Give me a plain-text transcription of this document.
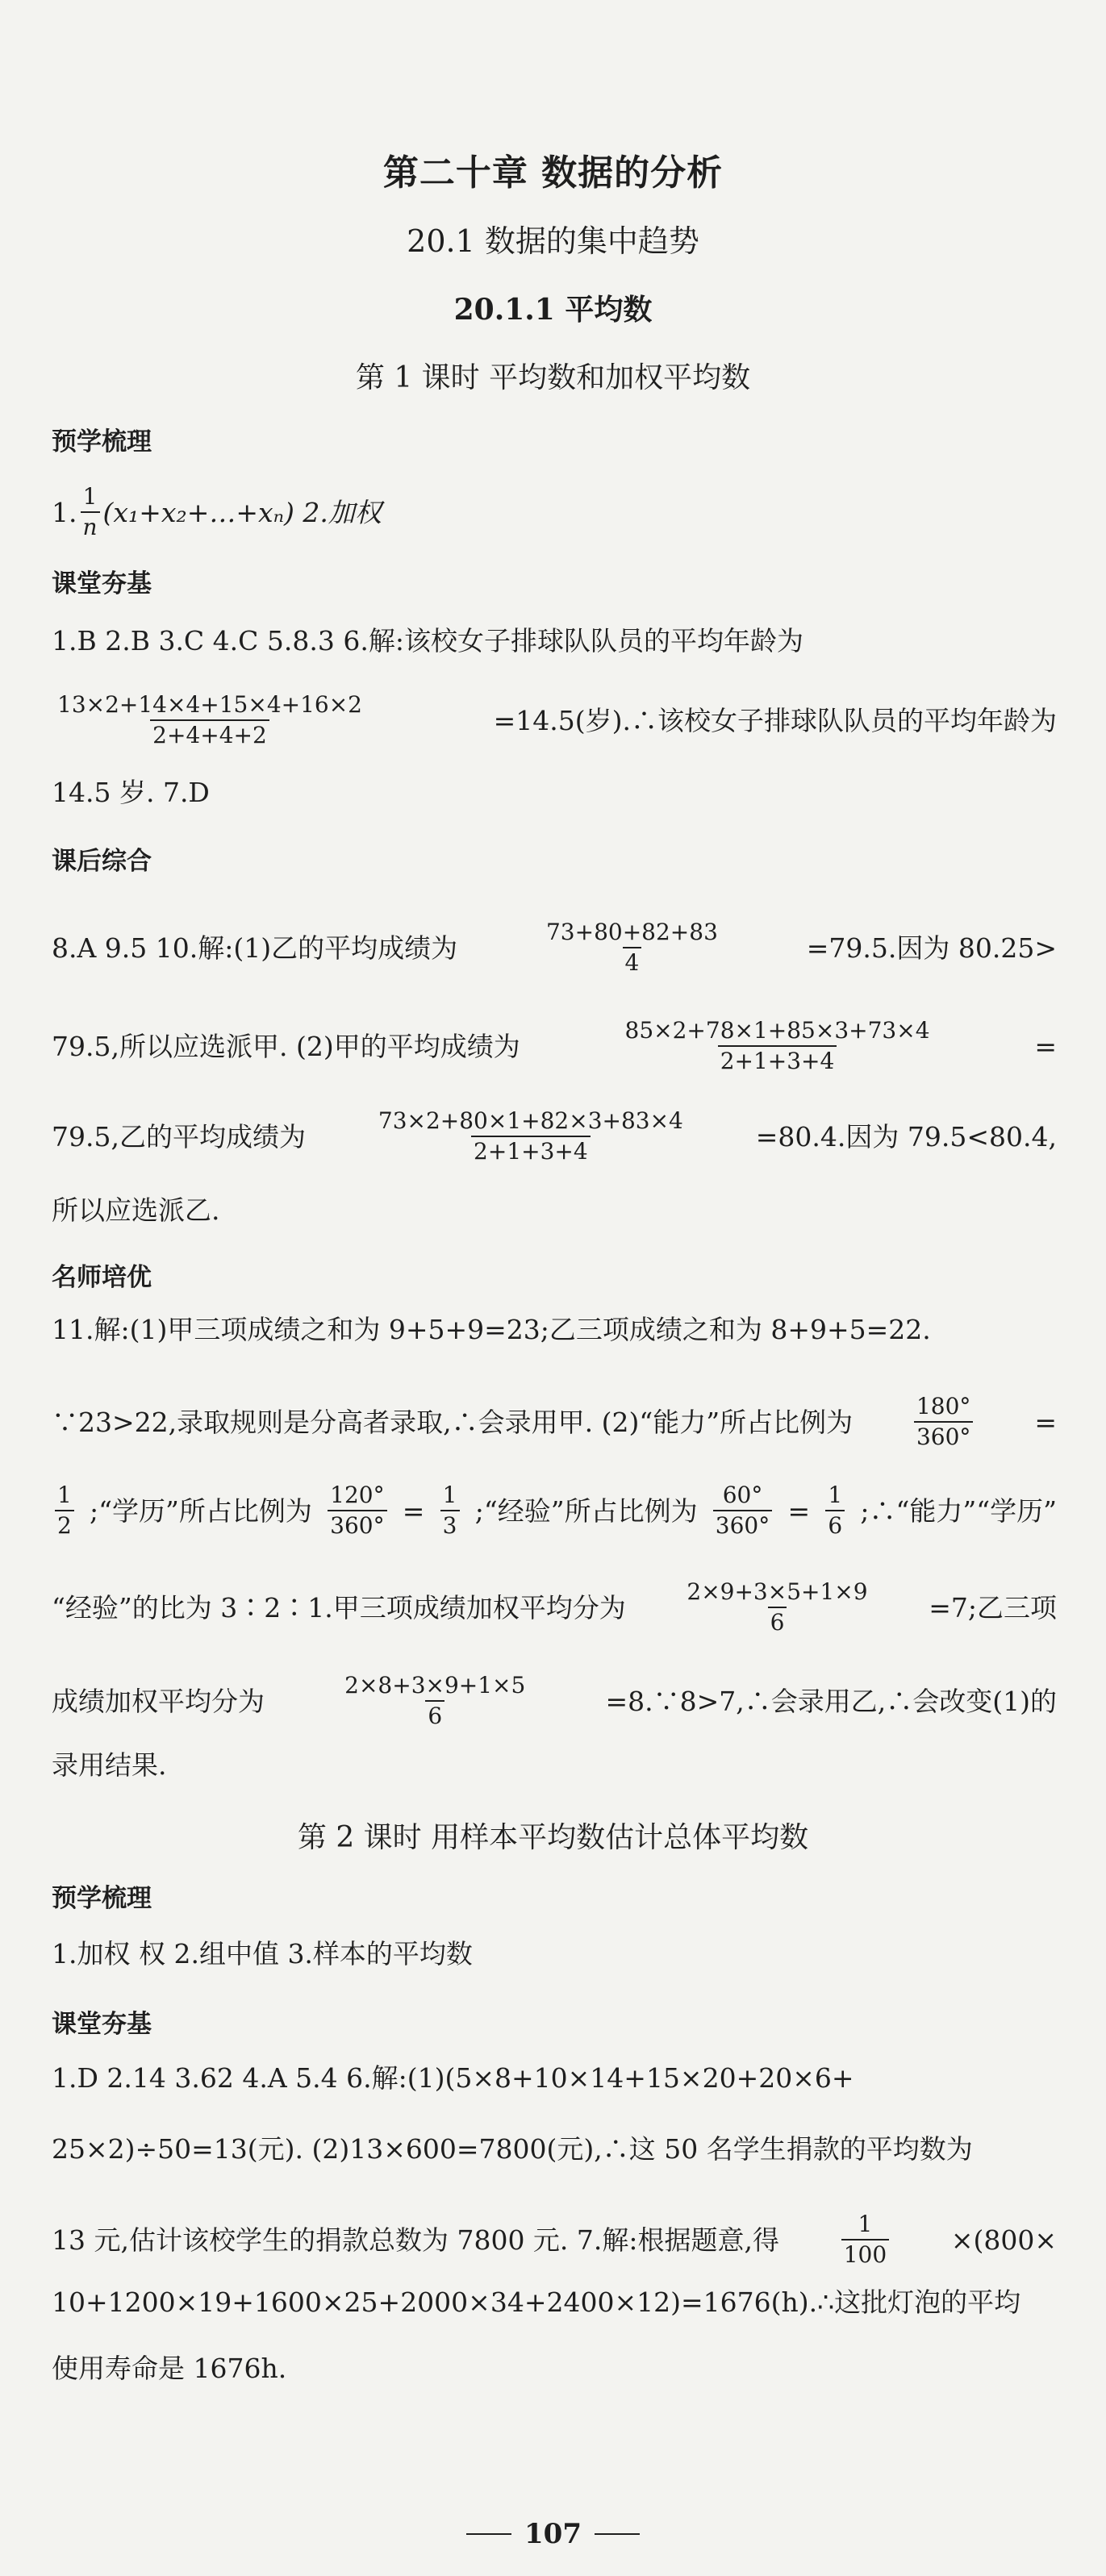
第二十章 数据的分析
20.1 数据的集中趋势
20.1.1 平均数
第 1 课时 平均数和加权平均数
预学梳理
1. $\frac{1}{n}$ (x₁+x₂+…+xₙ) 2.加权
课堂夯基
1.B 2.B 3.C 4.C 5.8.3 6.解:该校女子排球队队员的平均年龄为
$\frac{13\times 2+14\times 4+15\times 4+16\times 2}{2+4+4+2}$	=14.5(岁).∴该校女子排球队队员的平均年龄为
14.5 岁. 7.D
课后综合
8.A 9.5 10.解:(1)乙的平均成绩为	$\frac{73+80+82+83}{4}$	=79.5.因为 80.25>
79.5,所以应选派甲. (2)甲的平均成绩为	$\frac{85\times 2+78\times 1+85\times 3+73\times 4}{2+1+3+4}$	=
79.5,乙的平均成绩为	$\frac{73\times 2+80\times 1+82\times 3+83\times 4}{2+1+3+4}$	=80.4.因为 79.5<80.4,
所以应选派乙.
名师培优
11.解:(1)甲三项成绩之和为 9+5+9=23;乙三项成绩之和为 8+9+5=22.
∵23>22,录取规则是分高者录取,∴会录用甲. (2)“能力”所占比例为	$\frac{180^\circ}{360^\circ}$ =
$\frac{1}{2}$ ;“学历”所占比例为 $\frac{120^\circ}{360^\circ} = \frac{1}{3}$ ;“经验”所占比例为 $\frac{60^\circ}{360^\circ} = \frac{1}{6}$ ;∴“能力”“学历”
“经验”的比为 3∶2∶1.甲三项成绩加权平均分为	$\frac{2\times 9+3\times 5+1\times 9}{6} =7$;乙三项
成绩加权平均分为	$\frac{2\times 8+3\times 9+1\times 5}{6}$	=8.∵8>7,∴会录用乙,∴会改变(1)的
录用结果.
第 2 课时 用样本平均数估计总体平均数
预学梳理
1.加权 权 2.组中值 3.样本的平均数
课堂夯基
1.D 2.14 3.62 4.A 5.4 6.解:(1)(5×8+10×14+15×20+20×6+
25×2)÷50=13(元). (2)13×600=7800(元),∴这 50 名学生捐款的平均数为
13 元,估计该校学生的捐款总数为 7800 元. 7.解:根据题意,得	$\frac{1}{100} \times(800\times$
10+1200×19+1600×25+2000×34+2400×12)=1676(h).∴这批灯泡的平均
使用寿命是 1676h.
107
